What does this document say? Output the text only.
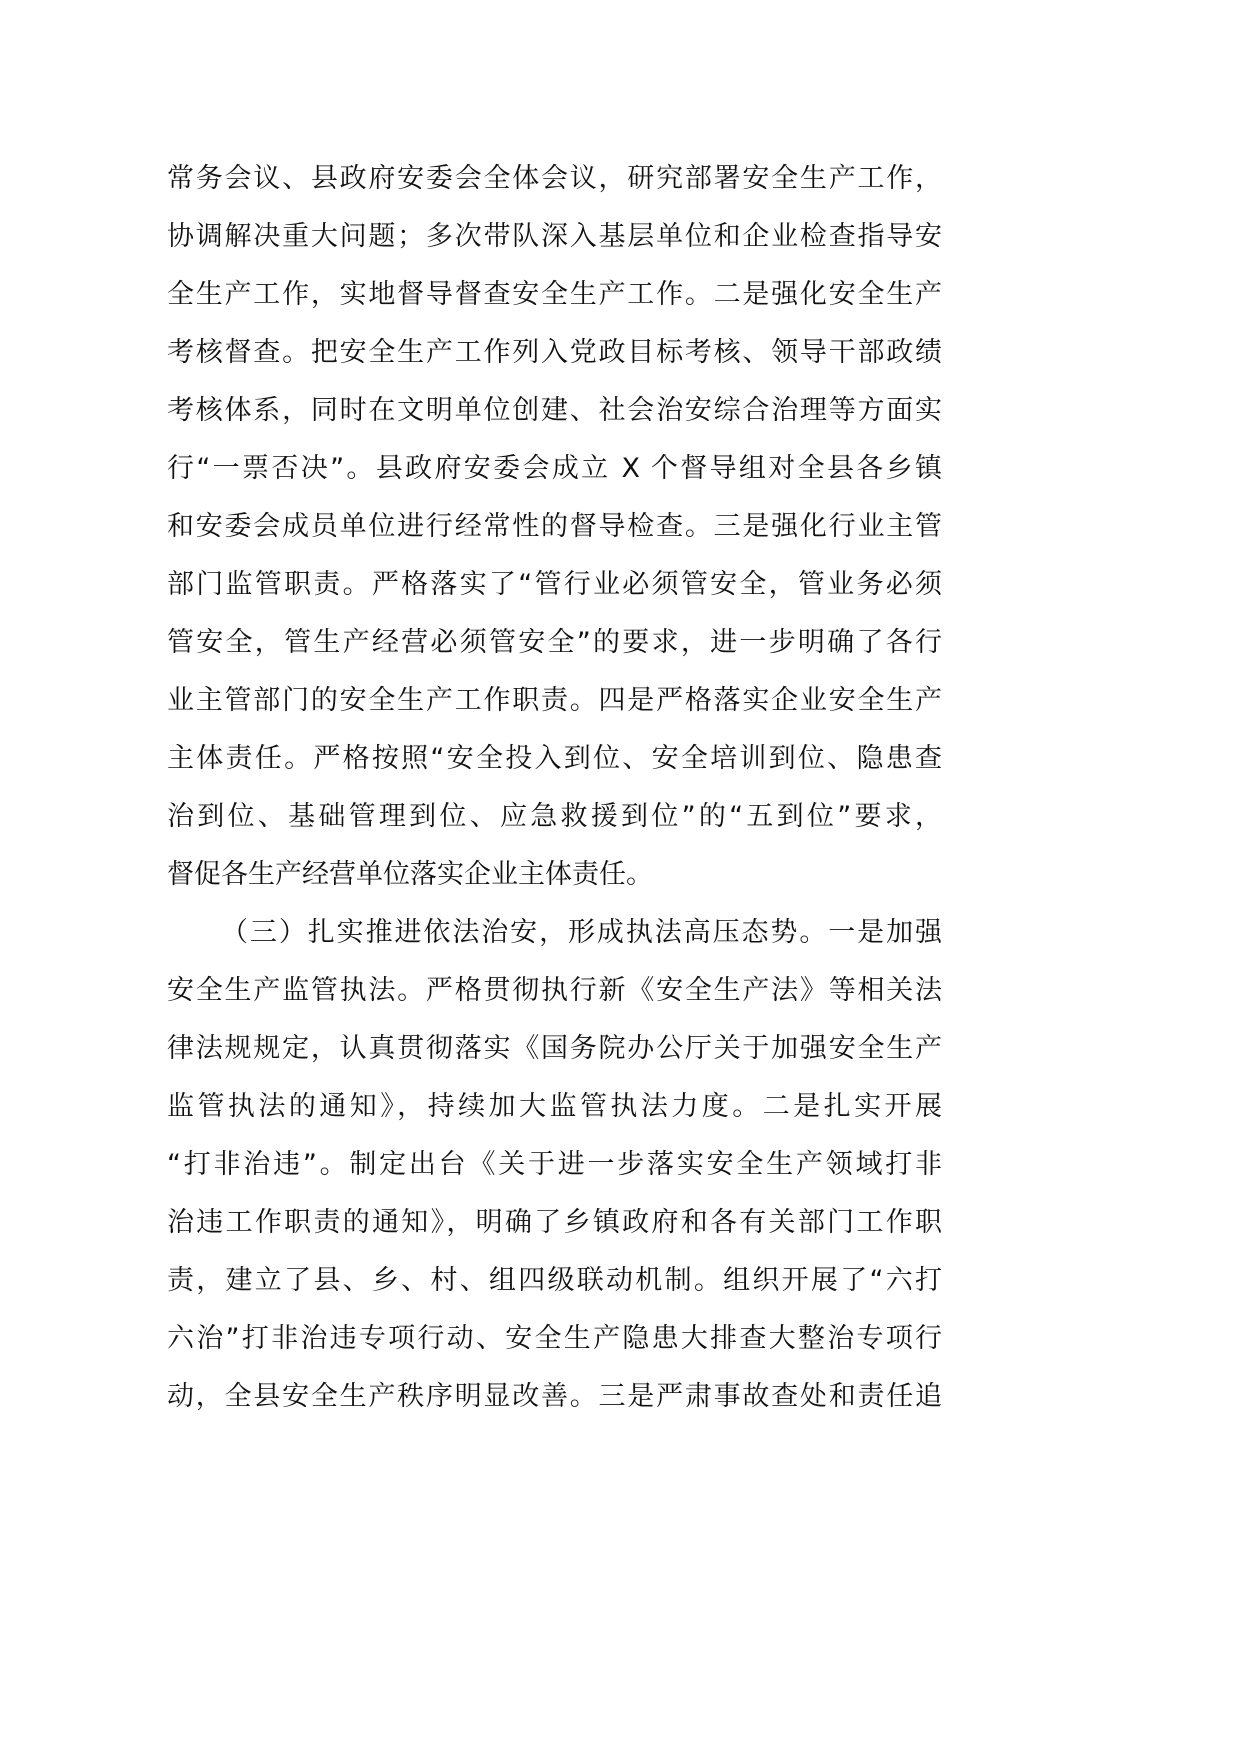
常务会议、县政府安委会全体会议，研究部署安全生产工作，
协调解决重大问题；多次带队深入基层单位和企业检查指导安
全生产工作，实地督导督查安全生产工作。二是强化安全生产
考核督查。把安全生产工作列入党政目标考核、领导干部政绩
考核体系，同时在文明单位创建、社会治安综合治理等方面实
行“一票否决”。县政府安委会成立 X 个督导组对全县各乡镇
和安委会成员单位进行经常性的督导检查。三是强化行业主管
部门监管职责。严格落实了“管行业必须管安全，管业务必须
管安全，管生产经营必须管安全”的要求，进一步明确了各行
业主管部门的安全生产工作职责。四是严格落实企业安全生产
主体责任。严格按照“安全投入到位、安全培训到位、隐患查
治到位、基础管理到位、应急救援到位”的“五到位”要求，
督促各生产经营单位落实企业主体责任。
（三）扎实推进依法治安，形成执法高压态势。一是加强
安全生产监管执法。严格贯彻执行新《安全生产法》等相关法
律法规规定，认真贯彻落实《国务院办公厅关于加强安全生产
监管执法的通知》，持续加大监管执法力度。二是扎实开展
“打非治违”。制定出台《关于进一步落实安全生产领域打非
治违工作职责的通知》，明确了乡镇政府和各有关部门工作职
责，建立了县、乡、村、组四级联动机制。组织开展了“六打
六治”打非治违专项行动、安全生产隐患大排查大整治专项行
动，全县安全生产秩序明显改善。三是严肃事故查处和责任追
